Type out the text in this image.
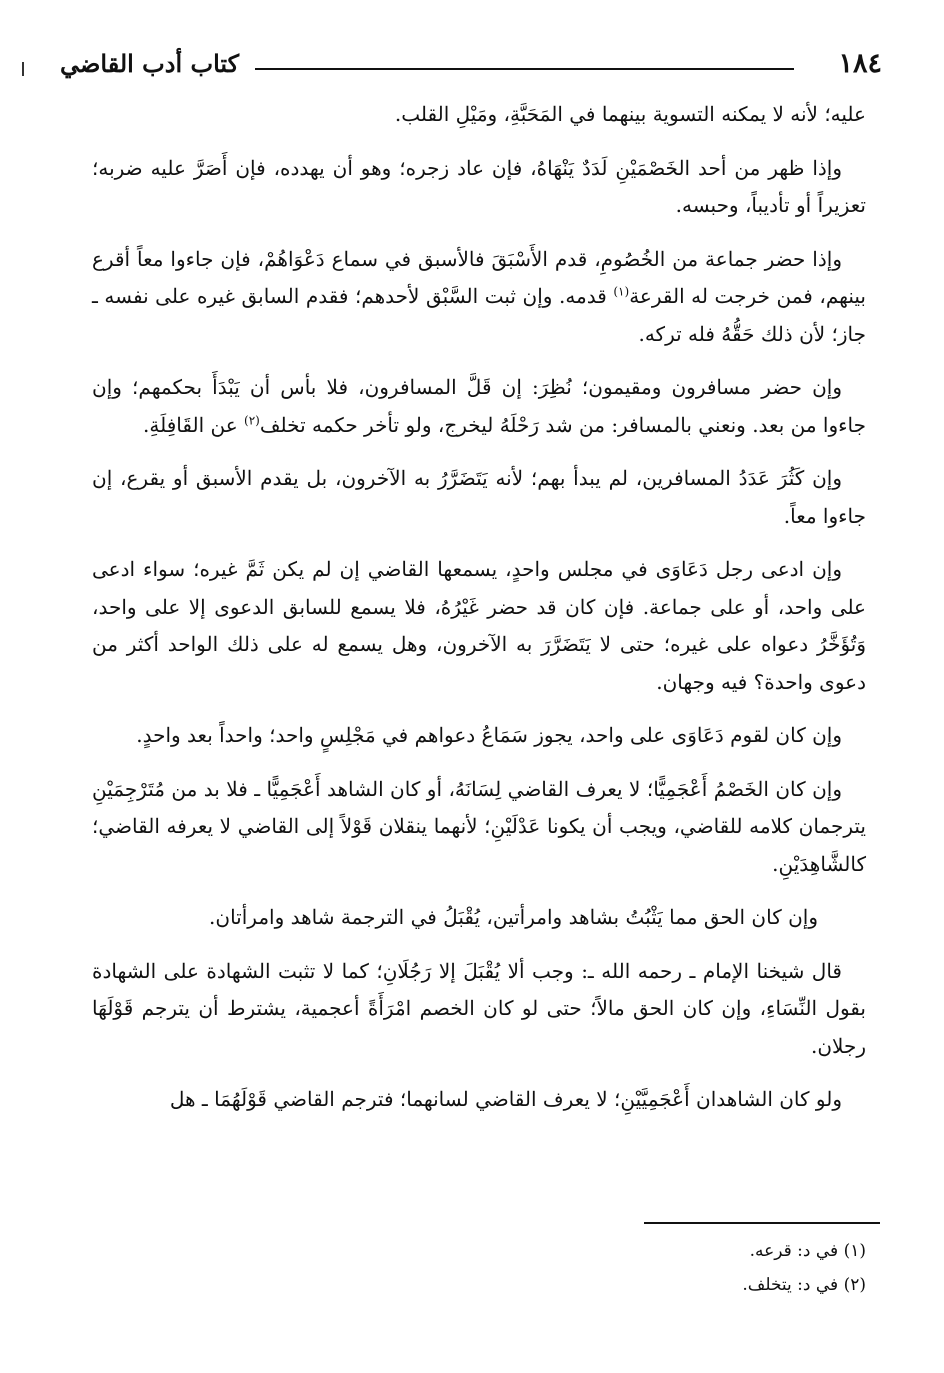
١٨٤
كتاب أدب القاضي

عليه؛ لأنه لا يمكنه التسوية بينهما في المَحَبَّةِ، ومَيْلِ القلب.

وإذا ظهر من أحد الخَصْمَيْنِ لَدَدٌ يَنْهَاهُ، فإن عاد زجره؛ وهو أن يهدده، فإن أَصَرَّ عليه ضربه؛ تعزيراً أو تأديباً، وحبسه.

وإذا حضر جماعة من الخُصُومِ، قدم الأَسْبَقَ فالأسبق في سماع دَعْوَاهُمْ، فإن جاءوا معاً أقرع بينهم، فمن خرجت له القرعة$^{(١)}$ قدمه. وإن ثبت السَّبْق لأحدهم؛ فقدم السابق غيره على نفسه ـ جاز؛ لأن ذلك حَقُّهُ فله تركه.

وإن حضر مسافرون ومقيمون؛ نُظِرَ: إن قَلَّ المسافرون، فلا بأس أن يَبْدَأَ بحكمهم؛ وإن جاءوا من بعد. ونعني بالمسافر: من شد رَحْلَهُ ليخرج، ولو تأخر حكمه تخلف$^{(٢)}$ عن القَافِلَةِ.

وإن كَثُرَ عَدَدُ المسافرين، لم يبدأ بهم؛ لأنه يَتَضَرَّرُ به الآخرون، بل يقدم الأسبق أو يقرع، إن جاءوا معاً.

وإن ادعى رجل دَعَاوَى في مجلس واحدٍ، يسمعها القاضي إن لم يكن ثَمَّ غيره؛ سواء ادعى على واحد، أو على جماعة. فإن كان قد حضر غَيْرُهُ، فلا يسمع للسابق الدعوى إلا على واحد، وَتُؤَخَّرُ دعواه على غيره؛ حتى لا يَتَضَرَّرَ به الآخرون، وهل يسمع له على ذلك الواحد أكثر من دعوى واحدة؟ فيه وجهان.

وإن كان لقوم دَعَاوَى على واحد، يجوز سَمَاعُ دعواهم في مَجْلِسٍ واحد؛ واحداً بعد واحدٍ.

وإن كان الخَصْمُ أَعْجَمِيًّا؛ لا يعرف القاضي لِسَانَهُ، أو كان الشاهد أَعْجَمِيًّا ـ فلا بد من مُتَرْجِمَيْنِ يترجمان كلامه للقاضي، ويجب أن يكونا عَدْلَيْنِ؛ لأنهما ينقلان قَوْلاً إلى القاضي لا يعرفه القاضي؛ كالشَّاهِدَيْنِ.

وإن كان الحق مما يَثْبُتُ بشاهد وامرأتين، يُقْبَلُ في الترجمة شاهد وامرأتان.

قال شيخنا الإمام ـ رحمه الله ـ: وجب ألا يُقْبَلَ إلا رَجُلَانِ؛ كما لا تثبت الشهادة على الشهادة بقول النِّسَاءِ، وإن كان الحق مالاً؛ حتى لو كان الخصم امْرَأَةً أعجمية، يشترط أن يترجم قَوْلَهَا رجلان.

ولو كان الشاهدان أَعْجَمِيَّيْنِ؛ لا يعرف القاضي لسانهما؛ فترجم القاضي قَوْلَهُمَا ـ هل

(١) في د: قرعه.

(٢) في د: يتخلف.
